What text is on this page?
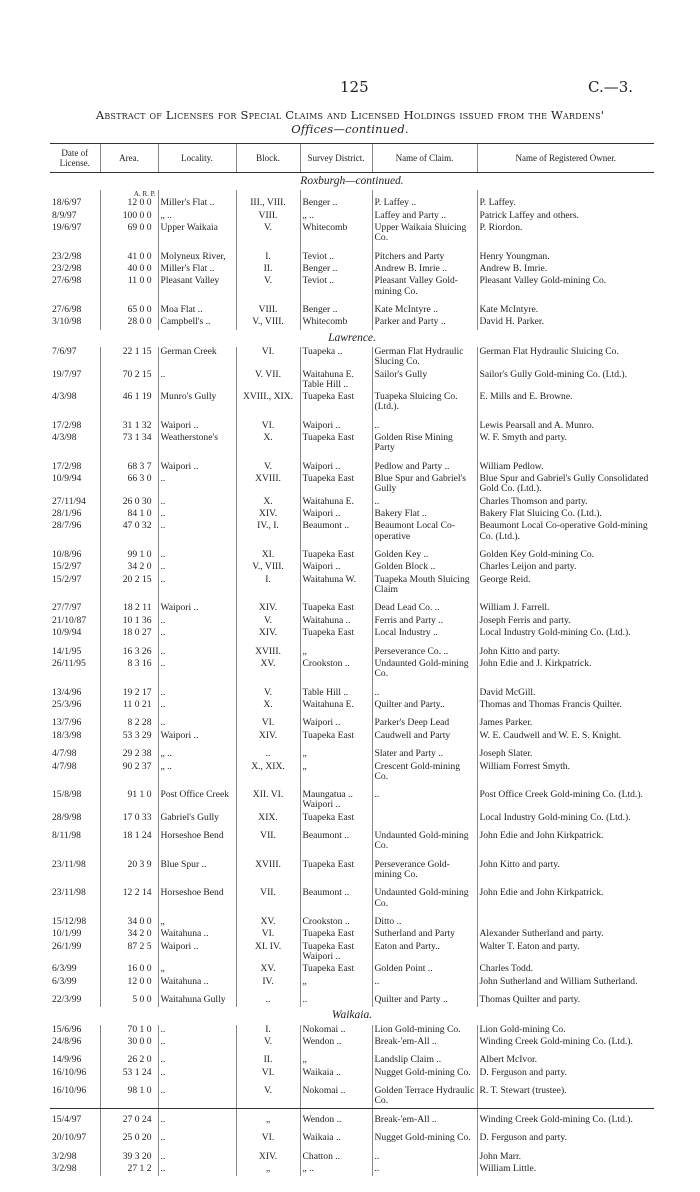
125	C.—3.
Abstract of Licenses for Special Claims and Licensed Holdings issued from the Wardens'
Offices—continued.
Date of License.	Area.	Locality.	Block.	Survey District.	Name of Claim.	Name of Registered Owner.
Roxburgh—continued.						
	A. R. P.					
18/6/97	12 0 0	Miller's Flat ..	III., VIII.	Benger ..	P. Laffey ..	P. Laffey.
8/9/97	100 0 0	„ ..	VIII.	„ ..	Laffey and Party ..	Patrick Laffey and others.
19/6/97	69 0 0	Upper Waikaia	V.	Whitecomb	Upper Waikaia Sluicing Co.	P. Riordon.
23/2/98	41 0 0	Molyneux River,	I.	Teviot ..	Pitchers and Party	Henry Youngman.
23/2/98	40 0 0	Miller's Flat ..	II.	Benger ..	Andrew B. Imrie ..	Andrew B. Imrie.
27/6/98	11 0 0	Pleasant Valley	V.	Teviot ..	Pleasant Valley Gold-mining Co.	Pleasant Valley Gold-mining Co.
27/6/98	65 0 0	Moa Flat ..	VIII.	Benger ..	Kate McIntyre ..	Kate McIntyre.
3/10/98	28 0 0	Campbell's ..	V., VIII.	Whitecomb	Parker and Party ..	David H. Parker.
Lawrence.						
7/6/97	22 1 15	German Creek	VI.	Tuapeka ..	German Flat Hydraulic Slucing Co.	German Flat Hydraulic Sluicing Co.
19/7/97	70 2 15	..	V. VII.	Waitahuna E. Table Hill ..	Sailor's Gully	Sailor's Gully Gold-mining Co. (Ltd.).
4/3/98	46 1 19	Munro's Gully	XVIII., XIX.	Tuapeka East	Tuapeka Sluicing Co. (Ltd.).	E. Mills and E. Browne.
17/2/98	31 1 32	Waipori ..	VI.	Waipori ..	..	Lewis Pearsall and A. Munro.
4/3/98	73 1 34	Weatherstone's	X.	Tuapeka East	Golden Rise Mining Party	W. F. Smyth and party.
17/2/98	68 3 7	Waipori ..	V.	Waipori ..	Pedlow and Party ..	William Pedlow.
10/9/94	66 3 0	..	XVIII.	Tuapeka East	Blue Spur and Gabriel's Gully	Blue Spur and Gabriel's Gully Consolidated Gold Co. (Ltd.).
27/11/94	26 0 30	..	X.	Waitahuna E.	..	Charles Thomson and party.
28/1/96	84 1 0	..	XIV.	Waipori ..	Bakery Flat ..	Bakery Flat Sluicing Co. (Ltd.).
28/7/96	47 0 32	..	IV., I.	Beaumont ..	Beaumont Local Co-operative	Beaumont Local Co-operative Gold-mining Co. (Ltd.).
10/8/96	99 1 0	..	XI.	Tuapeka East	Golden Key ..	Golden Key Gold-mining Co.
15/2/97	34 2 0	..	V., VIII.	Waipori ..	Golden Block ..	Charles Leijon and party.
15/2/97	20 2 15	..	I.	Waitahuna W.	Tuapeka Mouth Sluicing Claim	George Reid.
27/7/97	18 2 11	Waipori ..	XIV.	Tuapeka East	Dead Lead Co. ..	William J. Farrell.
21/10/87	10 1 36	..	V.	Waitahuna ..	Ferris and Party ..	Joseph Ferris and party.
10/9/94	18 0 27	..	XIV.	Tuapeka East	Local Industry ..	Local Industry Gold-mining Co. (Ltd.).
14/1/95	16 3 26	..	XVIII.	„	Perseverance Co. ..	John Kitto and party.
26/11/95	8 3 16	..	XV.	Crookston ..	Undaunted Gold-mining Co.	John Edie and J. Kirkpatrick.
13/4/96	19 2 17	..	V.	Table Hill ..	..	David McGill.
25/3/96	11 0 21	..	X.	Waitahuna E.	Quilter and Party..	Thomas and Thomas Francis Quilter.
13/7/96	8 2 28	..	VI.	Waipori ..	Parker's Deep Lead	James Parker.
18/3/98	53 3 29	Waipori ..	XIV.	Tuapeka East	Caudwell and Party	W. E. Caudwell and W. E. S. Knight.
4/7/98	29 2 38	„ ..	..	„	Slater and Party ..	Joseph Slater.
4/7/98	90 2 37	„ ..	X., XIX.	„	Crescent Gold-mining Co.	William Forrest Smyth.
15/8/98	91 1 0	Post Office Creek	XII. VI.	Maungatua .. Waipori ..	..	Post Office Creek Gold-mining Co. (Ltd.).
28/9/98	17 0 33	Gabriel's Gully	XIX.	Tuapeka East		Local Industry Gold-mining Co. (Ltd.).
8/11/98	18 1 24	Horseshoe Bend	VII.	Beaumont ..	Undaunted Gold-mining Co.	John Edie and John Kirkpatrick.
23/11/98	20 3 9	Blue Spur ..	XVIII.	Tuapeka East	Perseverance Gold-mining Co.	John Kitto and party.
23/11/98	12 2 14	Horseshoe Bend	VII.	Beaumont ..	Undaunted Gold-mining Co.	John Edie and John Kirkpatrick.
15/12/98	34 0 0	„	XV.	Crookston ..	Ditto ..	
10/1/99	34 2 0	Waitahuna ..	VI.	Tuapeka East	Sutherland and Party	Alexander Sutherland and party.
26/1/99	87 2 5	Waipori ..	XI. IV.	Tuapeka East Waipori ..	Eaton and Party..	Walter T. Eaton and party.
6/3/99	16 0 0	„	XV.	Tuapeka East	Golden Point ..	Charles Todd.
6/3/99	12 0 0	Waitahuna ..	IV.	„	..	John Sutherland and William Sutherland.
22/3/99	5 0 0	Waitahuna Gully	..	..	Quilter and Party ..	Thomas Quilter and party.
Waikaia.						
15/6/96	70 1 0	..	I.	Nokomai ..	Lion Gold-mining Co.	Lion Gold-mining Co.
24/8/96	30 0 0	..	V.	Wendon ..	Break-'em-All ..	Winding Creek Gold-mining Co. (Ltd.).
14/9/96	26 2 0	..	II.	„	Landslip Claim ..	Albert McIvor.
16/10/96	53 1 24	..	VI.	Waikaia ..	Nugget Gold-mining Co.	D. Ferguson and party.
16/10/96	98 1 0	..	V.	Nokomai ..	Golden Terrace Hydraulic Co.	R. T. Stewart (trustee).
15/4/97	27 0 24	..	„	Wendon ..	Break-'em-All ..	Winding Creek Gold-mining Co. (Ltd.).
20/10/97	25 0 20	..	VI.	Waikaia ..	Nugget Gold-mining Co.	D. Ferguson and party.
3/2/98	39 3 20	..	XIV.	Chatton ..	..	John Marr.
3/2/98	27 1 2	..	„	„ ..	..	William Little.
